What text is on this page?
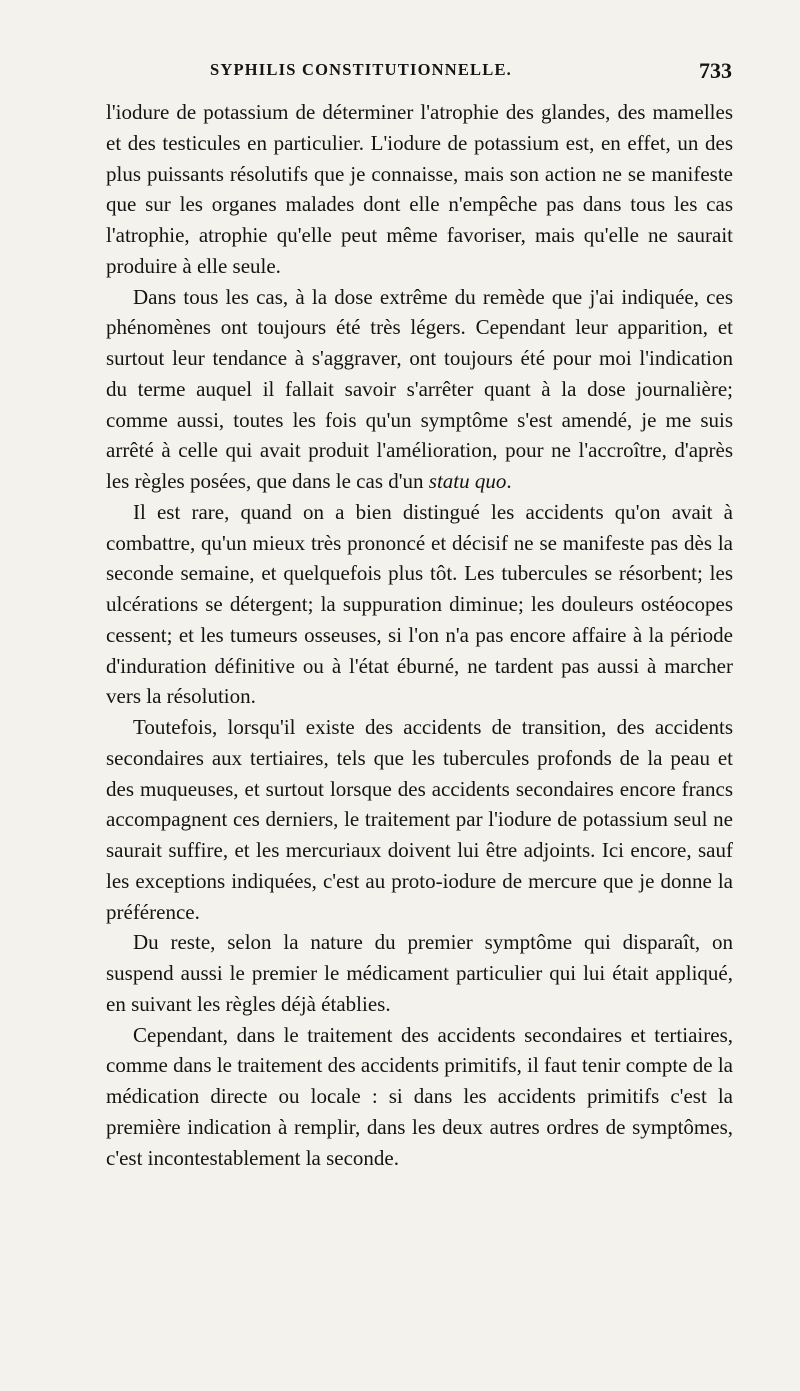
SYPHILIS CONSTITUTIONNELLE.	733

l'iodure de potassium de déterminer l'atrophie des glandes, des mamelles et des testicules en particulier. L'iodure de potassium est, en effet, un des plus puissants résolutifs que je connaisse, mais son action ne se manifeste que sur les organes malades dont elle n'empêche pas dans tous les cas l'atrophie, atrophie qu'elle peut même favoriser, mais qu'elle ne saurait produire à elle seule.

Dans tous les cas, à la dose extrême du remède que j'ai indiquée, ces phénomènes ont toujours été très légers. Cependant leur apparition, et surtout leur tendance à s'aggraver, ont toujours été pour moi l'indication du terme auquel il fallait savoir s'arrêter quant à la dose journalière; comme aussi, toutes les fois qu'un symptôme s'est amendé, je me suis arrêté à celle qui avait produit l'amélioration, pour ne l'accroître, d'après les règles posées, que dans le cas d'un statu quo.

Il est rare, quand on a bien distingué les accidents qu'on avait à combattre, qu'un mieux très prononcé et décisif ne se manifeste pas dès la seconde semaine, et quelquefois plus tôt. Les tubercules se résorbent; les ulcérations se détergent; la suppuration diminue; les douleurs ostéocopes cessent; et les tumeurs osseuses, si l'on n'a pas encore affaire à la période d'induration définitive ou à l'état éburné, ne tardent pas aussi à marcher vers la résolution.

Toutefois, lorsqu'il existe des accidents de transition, des accidents secondaires aux tertiaires, tels que les tubercules profonds de la peau et des muqueuses, et surtout lorsque des accidents secondaires encore francs accompagnent ces derniers, le traitement par l'iodure de potassium seul ne saurait suffire, et les mercuriaux doivent lui être adjoints. Ici encore, sauf les exceptions indiquées, c'est au proto-iodure de mercure que je donne la préférence.

Du reste, selon la nature du premier symptôme qui disparaît, on suspend aussi le premier le médicament particulier qui lui était appliqué, en suivant les règles déjà établies.

Cependant, dans le traitement des accidents secondaires et tertiaires, comme dans le traitement des accidents primitifs, il faut tenir compte de la médication directe ou locale : si dans les accidents primitifs c'est la première indication à remplir, dans les deux autres ordres de symptômes, c'est incontestablement la seconde.
